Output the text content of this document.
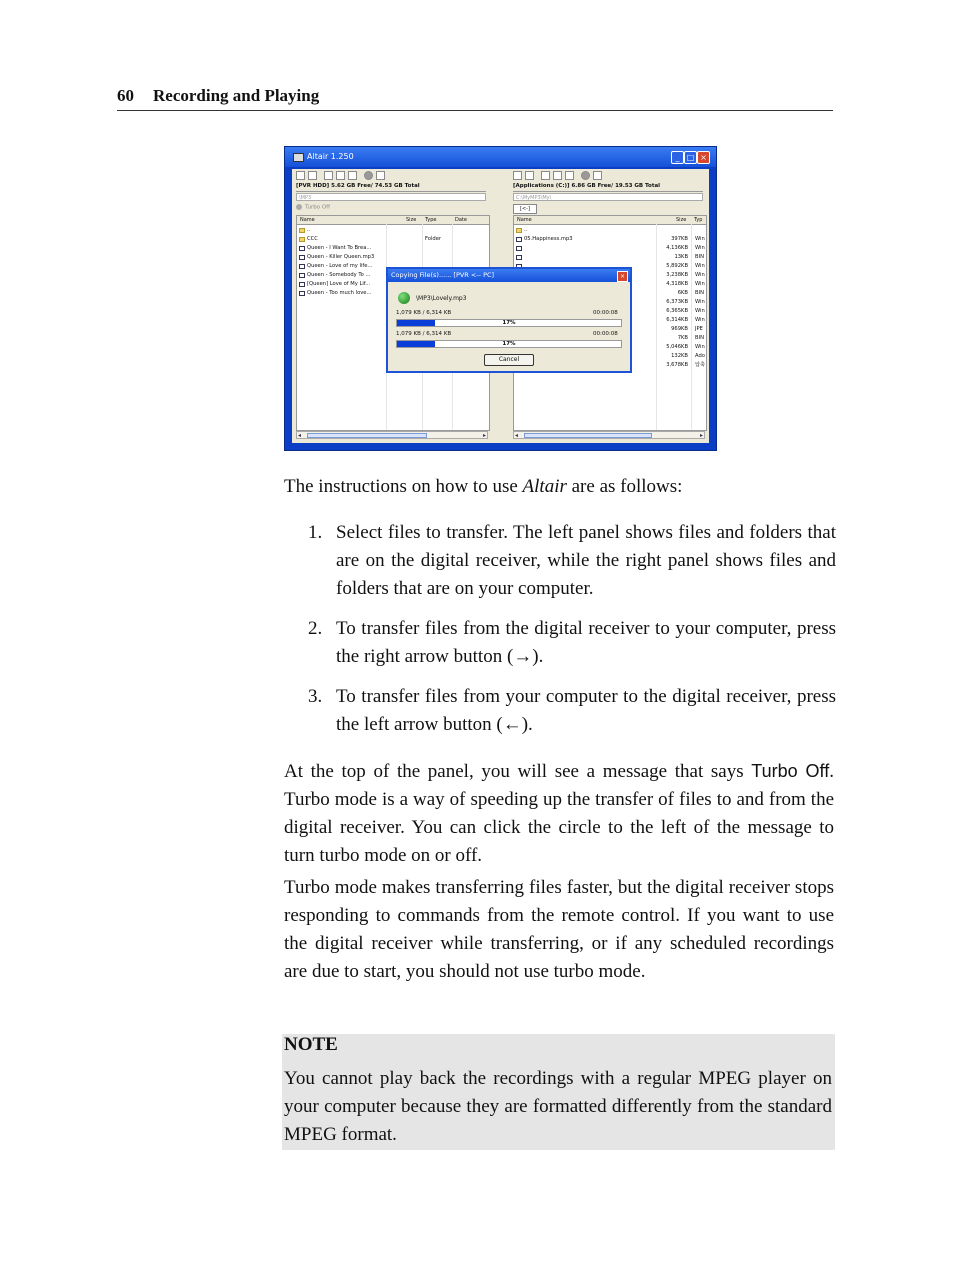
60 Recording and Playing
Altair 1.250	_ □ ×
[PVR HDD] 5.62 GB Free/ 74.53 GB Total
\MP3
Turbo Off
Name	Size Type	Date
..
CCC	Folder
Queen - I Want To Brea...
Queen - Killer Queen.mp3
Queen - Love of my life...
Queen - Somebody To ...
[Queen] Love of My Lif...
Queen - Too much love...
◂	▸
[Applications (C:)] 6.86 GB Free/ 19.53 GB Total
C:\MyMP3\My\
[<-]
Name	Size Typ
..
05.Happiness.mp3	397KB Win
4,136KB Win
13KB BIN
5,892KB Win
3,238KB Win
4,318KB Win
6KB BIN
6,373KB Win
6,365KB Win
6,314KB Win
969KB JPE
7KB BIN
5,046KB Win
132KB Ado
3,678KB 압축
◂	▸
Copying File(s)...... [PVR <-- PC]	×
\MP3\Lovely.mp3
1,079 KB / 6,314 KB	00:00:08
17%
1,079 KB / 6,314 KB	00:00:08
17%
Cancel
The instructions on how to use Altair are as follows:
1. Select files to transfer. The left panel shows files and folders that are on the digital receiver, while the right panel shows files and folders that are on your computer.
2. To transfer files from the digital receiver to your computer, press the right arrow button (→).
3. To transfer files from your computer to the digital receiver, press the left arrow button (←).
At the top of the panel, you will see a message that says Turbo Off. Turbo mode is a way of speeding up the transfer of files to and from the digital receiver. You can click the circle to the left of the message to turn turbo mode on or off.
Turbo mode makes transferring files faster, but the digital receiver stops responding to commands from the remote control. If you want to use the digital receiver while transferring, or if any scheduled recordings are due to start, you should not use turbo mode.
NOTE
You cannot play back the recordings with a regular MPEG player on your computer because they are formatted differently from the standard MPEG format.
